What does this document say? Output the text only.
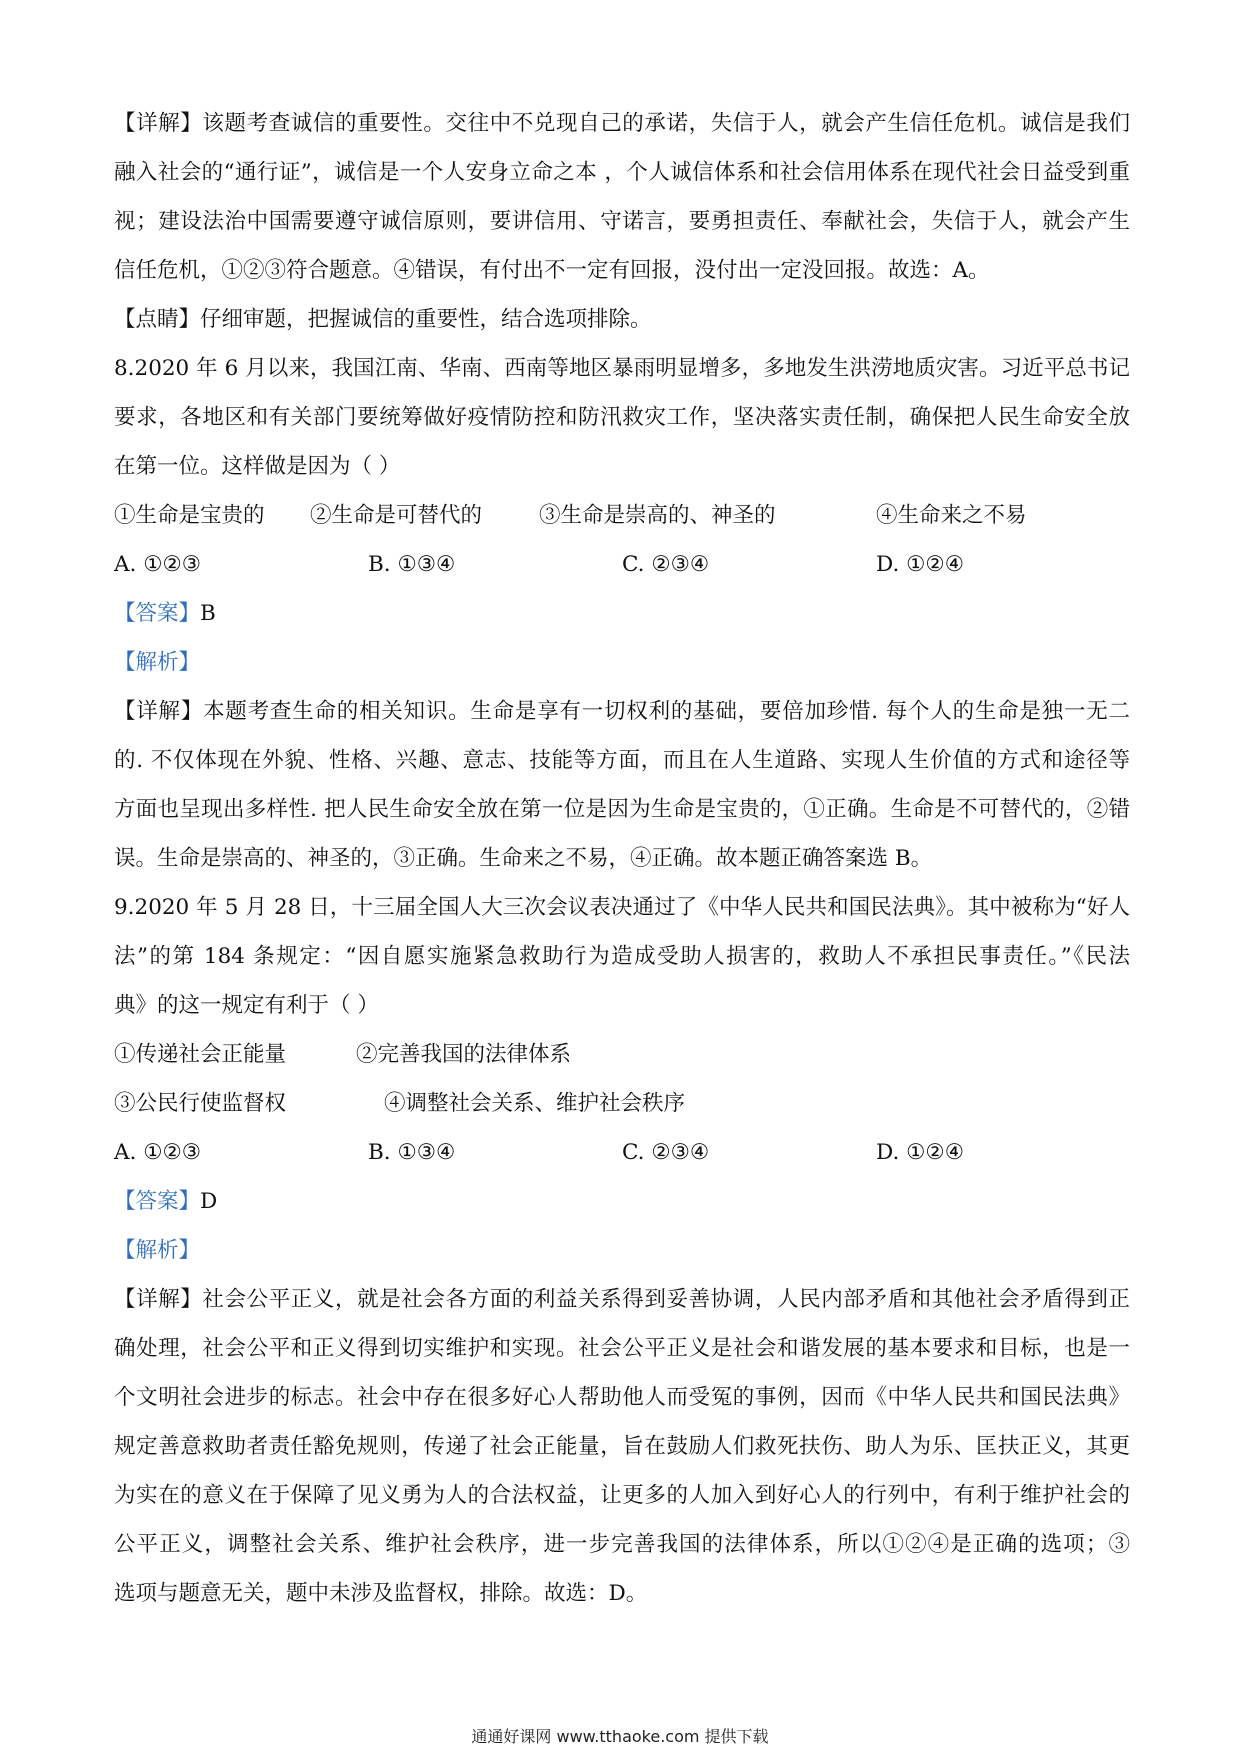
【详解】该题考查诚信的重要性。交往中不兑现自己的承诺，失信于人，就会产生信任危机。诚信是我们
融入社会的“通行证”，诚信是一个人安身立命之本 ，个人诚信体系和社会信用体系在现代社会日益受到重
视；建设法治中国需要遵守诚信原则，要讲信用、守诺言，要勇担责任、奉献社会，失信于人，就会产生
信任危机，①②③符合题意。④错误，有付出不一定有回报，没付出一定没回报。故选：A。
【点睛】仔细审题，把握诚信的重要性，结合选项排除。
8.2020 年 6 月以来，我国江南、华南、西南等地区暴雨明显增多，多地发生洪涝地质灾害。习近平总书记
要求，各地区和有关部门要统筹做好疫情防控和防汛救灾工作，坚决落实责任制，确保把人民生命安全放
在第一位。这样做是因为（ ）
①生命是宝贵的 ②生命是可替代的	③生命是崇高的、神圣的	④生命来之不易
A. ①②③	B. ①③④	C. ②③④	D. ①②④
【答案】B
【解析】
【详解】本题考查生命的相关知识。生命是享有一切权利的基础，要倍加珍惜. 每个人的生命是独一无二
的. 不仅体现在外貌、性格、兴趣、意志、技能等方面，而且在人生道路、实现人生价值的方式和途径等
方面也呈现出多样性. 把人民生命安全放在第一位是因为生命是宝贵的，①正确。生命是不可替代的，②错
误。生命是崇高的、神圣的，③正确。生命来之不易，④正确。故本题正确答案选 B。
9.2020 年 5 月 28 日，十三届全国人大三次会议表决通过了《中华人民共和国民法典》。其中被称为“好人
法”的第 184 条规定：“因自愿实施紧急救助行为造成受助人损害的，救助人不承担民事责任。”《民法
典》的这一规定有利于（ ）
①传递社会正能量	②完善我国的法律体系
③公民行使监督权	④调整社会关系、维护社会秩序
A. ①②③	B. ①③④	C. ②③④	D. ①②④
【答案】D
【解析】
【详解】社会公平正义，就是社会各方面的利益关系得到妥善协调，人民内部矛盾和其他社会矛盾得到正
确处理，社会公平和正义得到切实维护和实现。社会公平正义是社会和谐发展的基本要求和目标，也是一
个文明社会进步的标志。社会中存在很多好心人帮助他人而受冤的事例，因而《中华人民共和国民法典》
规定善意救助者责任豁免规则，传递了社会正能量，旨在鼓励人们救死扶伤、助人为乐、匡扶正义，其更
为实在的意义在于保障了见义勇为人的合法权益，让更多的人加入到好心人的行列中，有利于维护社会的
公平正义，调整社会关系、维护社会秩序，进一步完善我国的法律体系，所以①②④是正确的选项；③
选项与题意无关，题中未涉及监督权，排除。故选：D。
通通好课网 www.tthaoke.com 提供下载
